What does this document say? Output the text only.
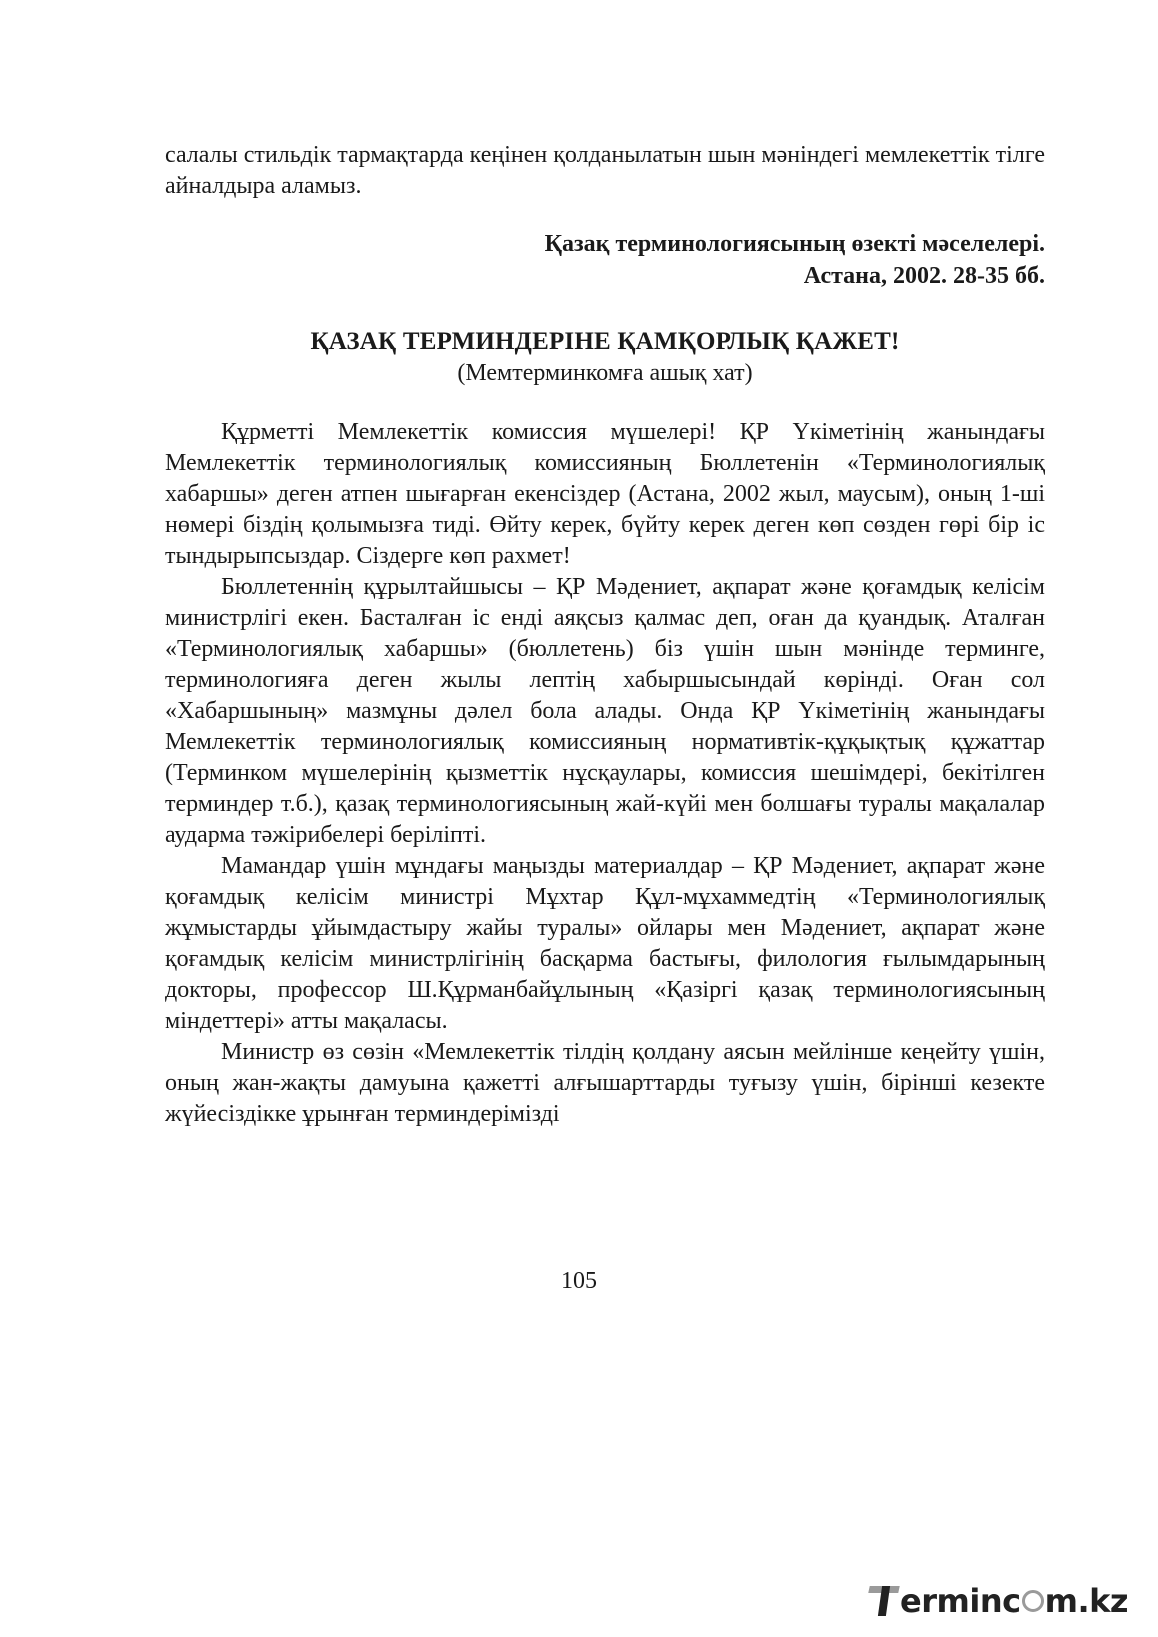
салалы стильдік тармақтарда кеңінен қолданылатын шын мәніндегі мемлекеттік тілге айналдыра аламыз.

Қазақ терминологиясының өзекті мәселелері.
Астана, 2002. 28-35 бб.
ҚАЗАҚ ТЕРМИНДЕРІНЕ ҚАМҚОРЛЫҚ ҚАЖЕТ!
(Мемтерминкомға ашық хат)

Құрметті Мемлекеттік комиссия мүшелері! ҚР Үкіметінің жанындағы Мемлекеттік терминологиялық комиссияның Бюллетенін «Терминологиялық хабаршы» деген атпен шығарған екенсіздер (Астана, 2002 жыл, маусым), оның 1-ші нөмері біздің қолымызға тиді. Өйту керек, бүйту керек деген көп сөзден гөрі бір іс тындырыпсыздар. Сіздерге көп рахмет!

Бюллетеннің құрылтайшысы – ҚР Мәдениет, ақпарат және қоғамдық келісім министрлігі екен. Басталған іс енді аяқсыз қалмас деп, оған да қуандық. Аталған «Терминологиялық хабаршы» (бюллетень) біз үшін шын мәнінде терминге, терминологияға деген жылы лептің хабыршысындай көрінді. Оған сол «Хабаршының» мазмұны дәлел бола алады. Онда ҚР Үкіметінің жанындағы Мемлекеттік терминологиялық комиссияның нормативтік-құқықтық құжаттар (Терминком мүшелерінің қызметтік нұсқаулары, комиссия шешімдері, бекітілген терминдер т.б.), қазақ терминологиясының жай-күйі мен болшағы туралы мақалалар аударма тәжірибелері беріліпті.

Мамандар үшін мұндағы маңызды материалдар – ҚР Мәдениет, ақпарат және қоғамдық келісім министрі Мұхтар Құл-мұхаммедтің «Терминологиялық жұмыстарды ұйымдастыру жайы туралы» ойлары мен Мәдениет, ақпарат және қоғамдық келісім министрлігінің басқарма бастығы, филология ғылымдарының докторы, профессор Ш.Құрманбайұлының «Қазіргі қазақ терминологиясының міндеттері» атты мақаласы.

Министр өз сөзін «Мемлекеттік тілдің қолдану аясын мейлінше кеңейту үшін, оның жан-жақты дамуына қажетті алғышарттарды туғызу үшін, бірінші кезекте жүйесіздікке ұрынған терминдерімізді

105
ermin c m.kz
